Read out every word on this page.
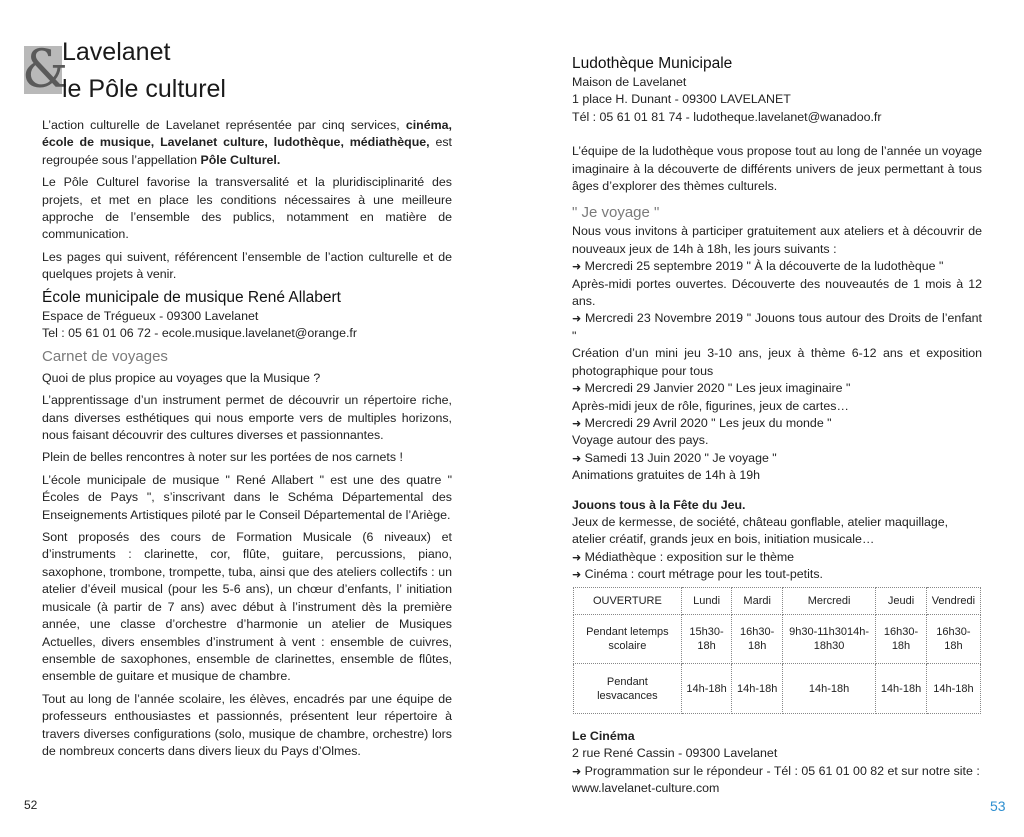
&
Lavelanet
le Pôle culturel

L’action culturelle de Lavelanet représentée par cinq services, cinéma, école de musique, Lavelanet culture, ludothèque, médiathèque, est regroupée sous l’appellation Pôle Culturel.

Le Pôle Culturel favorise la transversalité et la pluridisciplinarité des projets, et met en place les conditions nécessaires à une meilleure approche de l’ensemble des publics, notamment en matière de communication.

Les pages qui suivent, référencent l’ensemble de l’action culturelle et de quelques projets à venir.

École municipale de musique René Allabert
Espace de Trégueux - 09300 Lavelanet
Tel : 05 61 01 06 72 - ecole.musique.lavelanet@orange.fr
Carnet de voyages

Quoi de plus propice au voyages que la Musique ?

L’apprentissage d’un instrument permet de découvrir un répertoire riche, dans diverses esthétiques qui nous emporte vers de multiples horizons, nous faisant découvrir des cultures diverses et passionnantes.

Plein de belles rencontres à noter sur les portées de nos carnets !

L’école municipale de musique " René Allabert " est une des quatre " Écoles de Pays ", s’inscrivant dans le Schéma Départemental des Enseignements Artistiques piloté par le Conseil Départemental de l’Ariège.

Sont proposés des cours de Formation Musicale (6 niveaux) et d’instruments : clarinette, cor, flûte, guitare, percussions, piano, saxophone, trombone, trompette, tuba, ainsi que des ateliers collectifs : un atelier d’éveil musical (pour les 5-6 ans), un chœur d’enfants, l’ initiation musicale (à partir de 7 ans) avec début à l’instrument dès la première année, une classe d’orchestre d’harmonie un atelier de Musiques Actuelles, divers ensembles d’instrument à vent : ensemble de cuivres, ensemble de saxophones, ensemble de clarinettes, ensemble de flûtes, ensemble de guitare et musique de chambre.

Tout au long de l’année scolaire, les élèves, encadrés par une équipe de professeurs enthousiastes et passionnés, présentent leur répertoire à travers diverses configurations (solo, musique de chambre, orchestre) lors de nombreux concerts dans divers lieux du Pays d’Olmes.

52
Ludothèque Municipale
Maison de Lavelanet
1 place H. Dunant - 09300 LAVELANET
Tél : 05 61 01 81 74 - ludotheque.lavelanet@wanadoo.fr

L’équipe de la ludothèque vous propose tout au long de l’année un voyage imaginaire à la découverte de différents univers de jeux permettant à tous âges d’explorer des thèmes culturels.

" Je voyage "

Nous vous invitons à participer gratuitement aux ateliers et à découvrir de nouveaux jeux de 14h à 18h, les jours suivants :

➜ Mercredi 25 septembre 2019 " À la découverte de la ludothèque "
Après-midi portes ouvertes. Découverte des nouveautés de 1 mois à 12 ans.
➜ Mercredi 23 Novembre 2019 " Jouons tous autour des Droits de l’enfant "
Création d’un mini jeu 3-10 ans, jeux à thème 6-12 ans et exposition photographique pour tous
➜ Mercredi 29 Janvier 2020 " Les jeux imaginaire "
Après-midi jeux de rôle, figurines, jeux de cartes…
➜ Mercredi 29 Avril 2020 " Les jeux du monde "
Voyage autour des pays.
➜ Samedi 13 Juin 2020 " Je voyage "
Animations gratuites de 14h à 19h
Jouons tous à la Fête du Jeu.
Jeux de kermesse, de société, château gonflable, atelier maquillage, atelier créatif, grands jeux en bois, initiation musicale…
➜ Médiathèque : exposition sur le thème
➜ Cinéma : court métrage pour les tout-petits.
OUVERTURE	Lundi	Mardi	Mercredi	Jeudi	Vendredi
Pendant letemps scolaire	15h30-18h	16h30-18h	9h30-11h3014h-18h30	16h30-18h	16h30-18h
Pendant lesvacances	14h-18h	14h-18h	14h-18h	14h-18h	14h-18h
Le Cinéma
2 rue René Cassin - 09300 Lavelanet
➜ Programmation sur le répondeur - Tél : 05 61 01 00 82 et sur notre site :
www.lavelanet-culture.com
53
